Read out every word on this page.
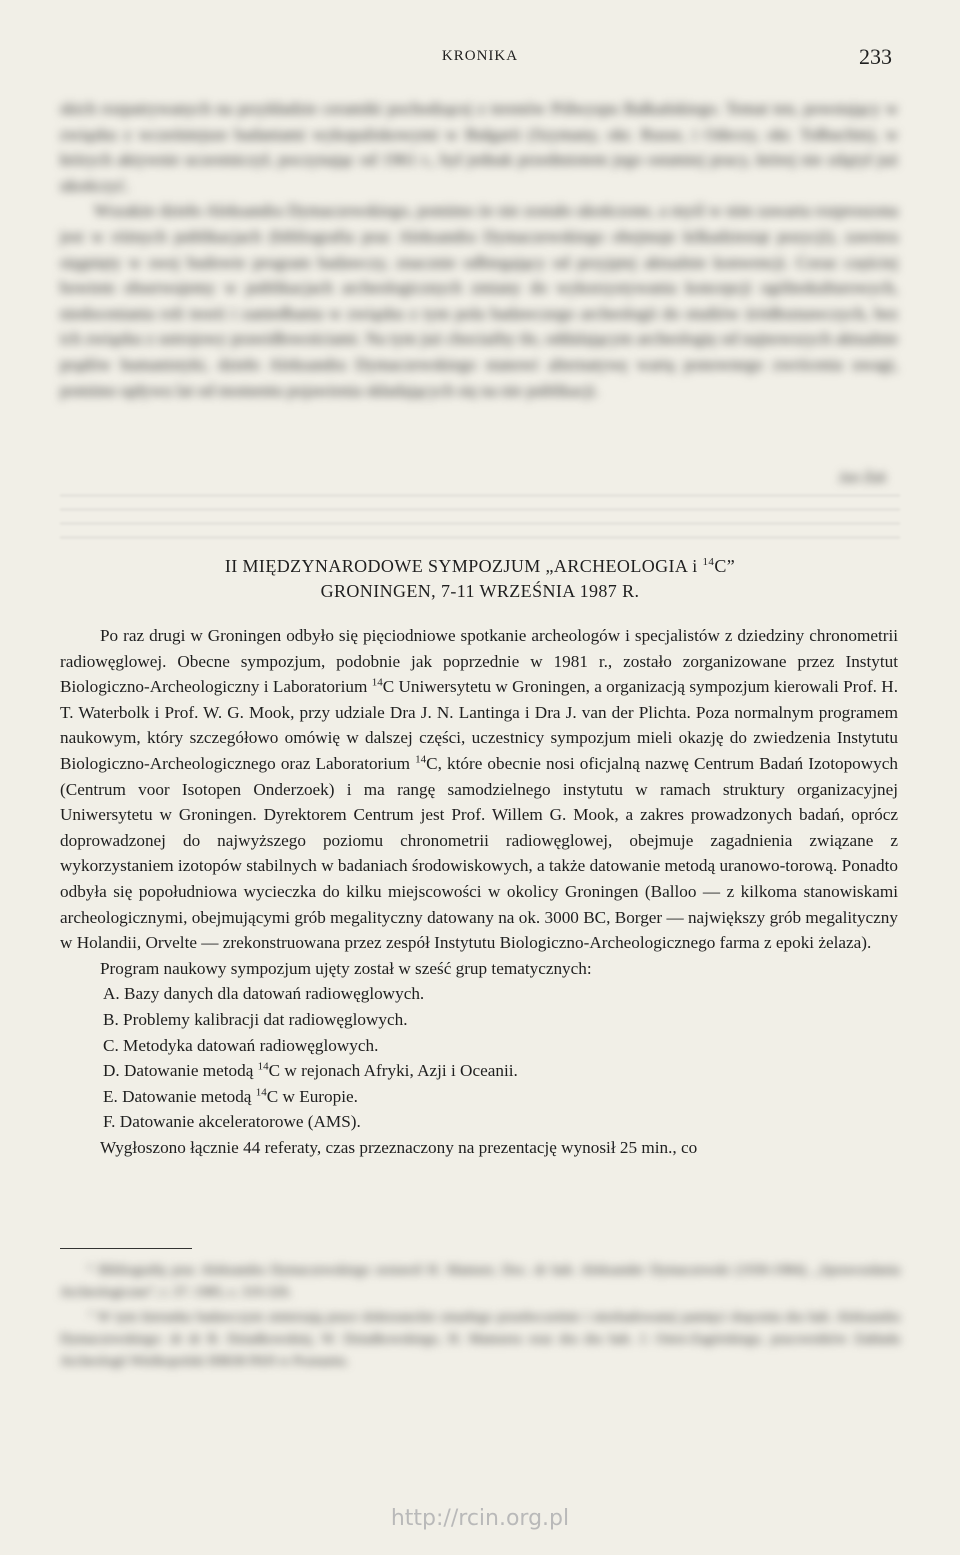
KRONIKA	233

skich rozpatrywanych na przykładzie ceramiki pochodzącej z terenów Półwyspu Bałkańskiego. Temat ten, powstający w związku z wcześniejsze badaniami wykopaliskowymi w Bułgarii (Szymany, okr. Russe, i Odecey, okr. Tołbuchin), w których aktywnie uczestniczył, poczynając od 1961 r., był jednak przedmiotem jego ostatniej pracy, której nie zdążył już ukończyć.

Wszakże dzieło Aleksandra Dymaczewskiego, pomimo że nie zostało ukończone, a myśl w nim zawarta rozproszona jest w różnych publikacjach (bibliografia prac Aleksandra Dymaczewskiego obejmuje kilkadziesiąt pozycji), zawiera sięgnięty w swej budowie program badawczy, znacznie odbiegający od przyjętej aktualnie konwencji. Coraz częściej bowiem obserwujemy w publikacjach archeologicznych zmiany do wykorzystywania koncepcji ogólnokulturowych, niedoceniania roli teorii i zaniedbania w związku z tym pola badawczego archeologii do studiów źródłoznawczych, bez ich związku z ustrojowy prawidłowościami. Na tym już chociażby tle, oddalającym archeologię od najnowszych aktualnie prądów humanistyki, dzieło Aleksandra Dymaczewskiego stanowi alternatywę wartą ponownego zwrócenia uwagi, pomimo upływu lat od momentu pojawienia składających się na nie publikacji.

Jan Żak
II MIĘDZYNARODOWE SYMPOZJUM „ARCHEOLOGIA i $^{14}$C”
GRONINGEN, 7-11 WRZEŚNIA 1987 R.

Po raz drugi w Groningen odbyło się pięciodniowe spotkanie archeologów i specjalistów z dziedziny chronometrii radiowęglowej. Obecne sympozjum, podobnie jak poprzednie w 1981 r., zostało zorganizowane przez Instytut Biologiczno-Archeologiczny i Laboratorium $^{14}$C Uniwersytetu w Groningen, a organizacją sympozjum kierowali Prof. H. T. Waterbolk i Prof. W. G. Mook, przy udziale Dra J. N. Lantinga i Dra J. van der Plichta. Poza normalnym programem naukowym, który szczegółowo omówię w dalszej części, uczestnicy sympozjum mieli okazję do zwiedzenia Instytutu Biologiczno-Archeologicznego oraz Laboratorium $^{14}$C, które obecnie nosi oficjalną nazwę Centrum Badań Izotopowych (Centrum voor Isotopen Onderzoek) i ma rangę samodzielnego instytutu w ramach struktury organizacyjnej Uniwersytetu w Groningen. Dyrektorem Centrum jest Prof. Willem G. Mook, a zakres prowadzonych badań, oprócz doprowadzonej do najwyższego poziomu chronometrii radiowęglowej, obejmuje zagadnienia związane z wykorzystaniem izotopów stabilnych w badaniach środowiskowych, a także datowanie metodą uranowo-torową. Ponadto odbyła się popołudniowa wycieczka do kilku miejscowości w okolicy Groningen (Balloo — z kilkoma stanowiskami archeologicznymi, obejmującymi grób megalityczny datowany na ok. 3000 BC, Borger — największy grób megalityczny w Holandii, Orvelte — zrekonstruowana przez zespół Instytutu Biologiczno-Archeologicznego farma z epoki żelaza).

Program naukowy sympozjum ujęty został w sześć grup tematycznych:

A. Bazy danych dla datowań radiowęglowych.
B. Problemy kalibracji dat radiowęglowych.
C. Metodyka datowań radiowęglowych.
D. Datowanie metodą $^{14}$C w rejonach Afryki, Azji i Oceanii.
E. Datowanie metodą $^{14}$C w Europie.
F. Datowanie akceleratorowe (AMS).

Wygłoszono łącznie 44 referaty, czas przeznaczony na prezentację wynosił 25 min., co

⁶ Bibliografię prac Aleksandra Dymaczewskiego zestawił H. Mamzer, Doc. dr hab. Aleksander Dymaczewski (1930-1984), „Sprawozdania Archeologiczne”, t. 37: 1985, s. 319-326.

⁷ W tym kierunku badawczym zmierzają prace doktoranckie zmarłego przedwcześnie i niezbadowanej pamięci doęcenta dra hab. Aleksandra Dymaczewskiego: dr dr B. Dziadkowskiej, W. Dziadkowskiego, H. Mamzera oraz dra dra hab. J. Ostoi-Zagórskiego, pracowników Zakładu Archeologii Wielkopolski IHKM PAN w Poznaniu.

http://rcin.org.pl
